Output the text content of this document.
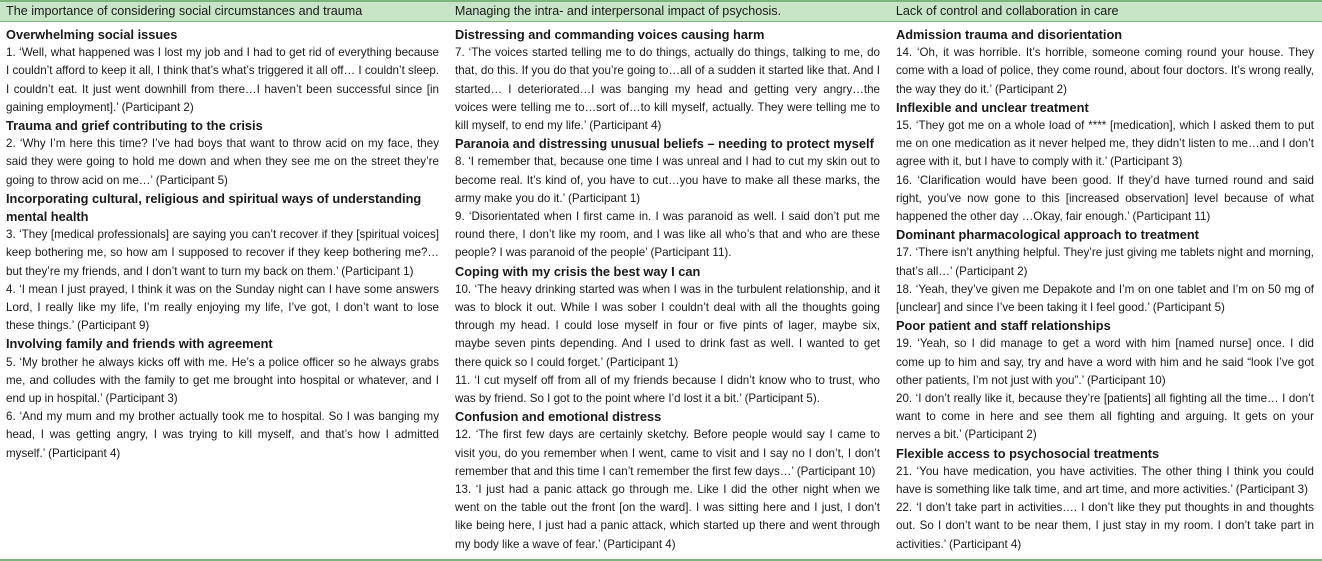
The importance of considering social circumstances and trauma	Managing the intra- and interpersonal impact of psychosis.	Lack of control and collaboration in care
Overwhelming social issues
1. ‘Well, what happened was I lost my job and I had to get rid of everything because I couldn’t afford to keep it all, I think that’s what’s triggered it all off… I couldn’t sleep. I couldn’t eat. It just went downhill from there…I haven’t been successful since [in gaining employment].’ (Participant 2)
Trauma and grief contributing to the crisis
2. ‘Why I’m here this time? I’ve had boys that want to throw acid on my face, they said they were going to hold me down and when they see me on the street they’re going to throw acid on me…’ (Participant 5)
Incorporating cultural, religious and spiritual ways of understanding mental health
3. ‘They [medical professionals] are saying you can’t recover if they [spiritual voices] keep bothering me, so how am I supposed to recover if they keep bothering me?…but they’re my friends, and I don’t want to turn my back on them.’ (Participant 1)
4. ‘I mean I just prayed, I think it was on the Sunday night can I have some answers Lord, I really like my life, I’m really enjoying my life, I’ve got, I don’t want to lose these things.’ (Participant 9)
Involving family and friends with agreement
5. ‘My brother he always kicks off with me. He’s a police officer so he always grabs me, and colludes with the family to get me brought into hospital or whatever, and I end up in hospital.’ (Participant 3)
6. ‘And my mum and my brother actually took me to hospital. So I was banging my head, I was getting angry, I was trying to kill myself, and that’s how I admitted myself.’ (Participant 4)
Distressing and commanding voices causing harm
7. ‘The voices started telling me to do things, actually do things, talking to me, do that, do this. If you do that you’re going to…all of a sudden it started like that. And I started… I deteriorated…I was banging my head and getting very angry…the voices were telling me to…sort of…to kill myself, actually. They were telling me to kill myself, to end my life.’ (Participant 4)
Paranoia and distressing unusual beliefs – needing to protect myself
8. ‘I remember that, because one time I was unreal and I had to cut my skin out to become real. It’s kind of, you have to cut…you have to make all these marks, the army make you do it.’ (Participant 1)
9. ‘Disorientated when I first came in. I was paranoid as well. I said don’t put me round there, I don’t like my room, and I was like all who’s that and who are these people? I was paranoid of the people’ (Participant 11).
Coping with my crisis the best way I can
10. ‘The heavy drinking started was when I was in the turbulent relationship, and it was to block it out. While I was sober I couldn’t deal with all the thoughts going through my head. I could lose myself in four or five pints of lager, maybe six, maybe seven pints depending. And I used to drink fast as well. I wanted to get there quick so I could forget.’ (Participant 1)
11. ‘I cut myself off from all of my friends because I didn’t know who to trust, who was by friend. So I got to the point where I’d lost it a bit.’ (Participant 5).
Confusion and emotional distress
12. ‘The first few days are certainly sketchy. Before people would say I came to visit you, do you remember when I went, came to visit and I say no I don’t, I don’t remember that and this time I can’t remember the first few days…’ (Participant 10)
13. ‘I just had a panic attack go through me. Like I did the other night when we went on the table out the front [on the ward]. I was sitting here and I just, I don’t like being here, I just had a panic attack, which started up there and went through my body like a wave of fear.’ (Participant 4)
Admission trauma and disorientation
14. ‘Oh, it was horrible. It’s horrible, someone coming round your house. They come with a load of police, they come round, about four doctors. It’s wrong really, the way they do it.’ (Participant 2)
Inflexible and unclear treatment
15. ‘They got me on a whole load of **** [medication], which I asked them to put me on one medication as it never helped me, they didn’t listen to me…and I don’t agree with it, but I have to comply with it.’ (Participant 3)
16. ‘Clarification would have been good. If they’d have turned round and said right, you’ve now gone to this [increased observation] level because of what happened the other day …Okay, fair enough.’ (Participant 11)
Dominant pharmacological approach to treatment
17. ‘There isn’t anything helpful. They’re just giving me tablets night and morning, that’s all…’ (Participant 2)
18. ‘Yeah, they’ve given me Depakote and I’m on one tablet and I’m on 50 mg of [unclear] and since I’ve been taking it I feel good.’ (Participant 5)
Poor patient and staff relationships
19. ‘Yeah, so I did manage to get a word with him [named nurse] once. I did come up to him and say, try and have a word with him and he said “look I’ve got other patients, I’m not just with you”.’ (Participant 10)
20. ‘I don’t really like it, because they’re [patients] all fighting all the time… I don’t want to come in here and see them all fighting and arguing. It gets on your nerves a bit.’ (Participant 2)
Flexible access to psychosocial treatments
21. ‘You have medication, you have activities. The other thing I think you could have is something like talk time, and art time, and more activities.’ (Participant 3)
22. ‘I don’t take part in activities…. I don’t like they put thoughts in and thoughts out. So I don’t want to be near them, I just stay in my room. I don’t take part in activities.’ (Participant 4)
